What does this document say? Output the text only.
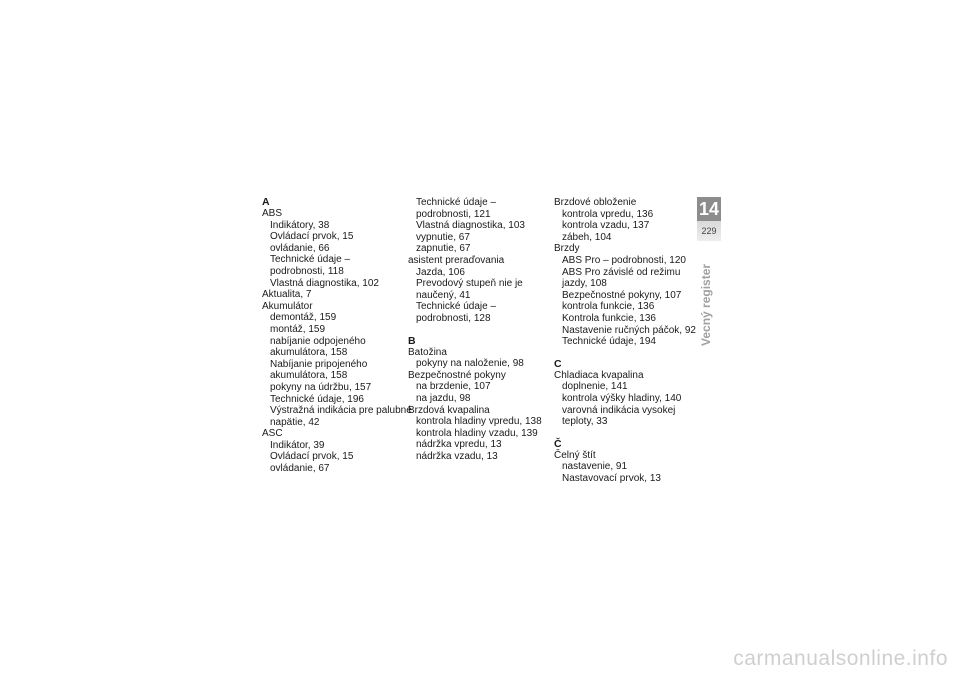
A
ABS
Indikátory, 38
Ovládací prvok, 15
ovládanie, 66
Technické údaje –
podrobnosti, 118
Vlastná diagnostika, 102
Aktualita, 7
Akumulátor
demontáž, 159
montáž, 159
nabíjanie odpojeného
akumulátora, 158
Nabíjanie pripojeného
akumulátora, 158
pokyny na údržbu, 157
Technické údaje, 196
Výstražná indikácia pre palubné
napätie, 42
ASC
Indikátor, 39
Ovládací prvok, 15
ovládanie, 67
Technické údaje –
podrobnosti, 121
Vlastná diagnostika, 103
vypnutie, 67
zapnutie, 67
asistent preraďovania
Jazda, 106
Prevodový stupeň nie je
naučený, 41
Technické údaje –
podrobnosti, 128
B
Batožina
pokyny na naloženie, 98
Bezpečnostné pokyny
na brzdenie, 107
na jazdu, 98
Brzdová kvapalina
kontrola hladiny vpredu, 138
kontrola hladiny vzadu, 139
nádržka vpredu, 13
nádržka vzadu, 13
Brzdové obloženie
kontrola vpredu, 136
kontrola vzadu, 137
zábeh, 104
Brzdy
ABS Pro – podrobnosti, 120
ABS Pro závislé od režimu
jazdy, 108
Bezpečnostné pokyny, 107
kontrola funkcie, 136
Kontrola funkcie, 136
Nastavenie ručných páčok, 92
Technické údaje, 194
C
Chladiaca kvapalina
doplnenie, 141
kontrola výšky hladiny, 140
varovná indikácia vysokej
teploty, 33
Č
Čelný štít
nastavenie, 91
Nastavovací prvok, 13
14
229
Vecný register
carmanualsonline.info
